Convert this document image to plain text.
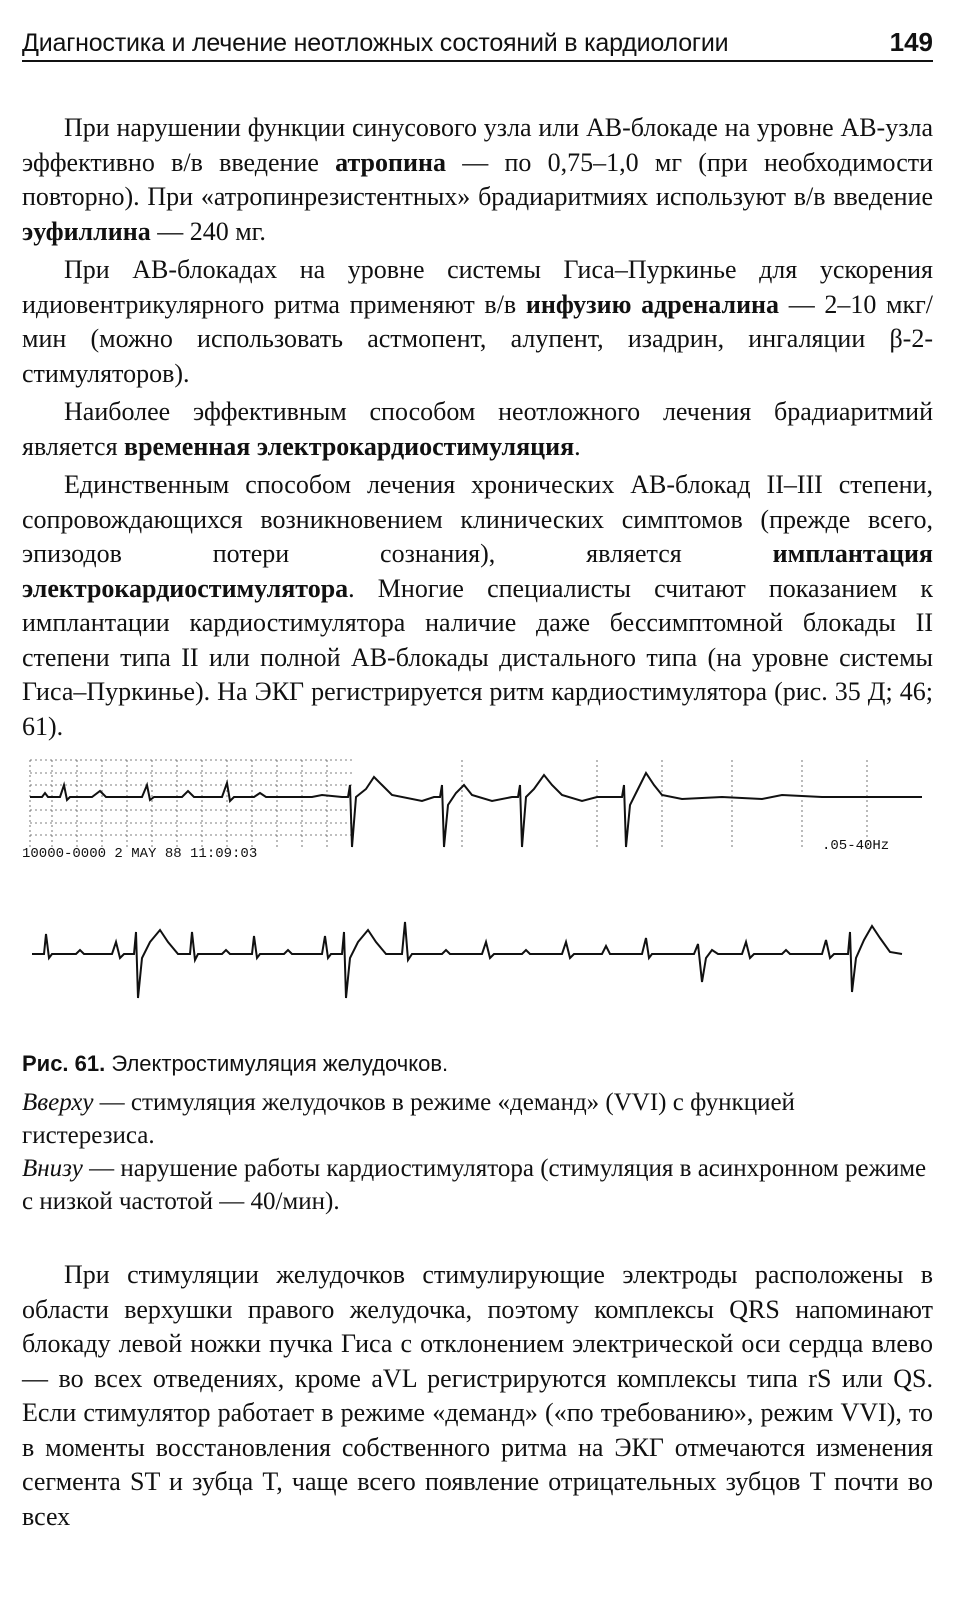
Диагностика и лечение неотложных состояний в кардиологии	149

При нарушении функции синусового узла или АВ-блокаде на уровне АВ-узла эффективно в/в введение атропина — по 0,75–1,0 мг (при необходимости повторно). При «атропинрезистентных» брадиаритмиях используют в/в введение эуфиллина — 240 мг.

При АВ-блокадах на уровне системы Гиса–Пуркинье для ускорения идиовентрикулярного ритма применяют в/в инфузию адреналина — 2–10 мкг/мин (можно использовать астмопент, алупент, изадрин, ингаляции β-2-стимуляторов).

Наиболее эффективным способом неотложного лечения брадиаритмий является временная электрокардиостимуляция.

Единственным способом лечения хронических АВ-блокад II–III степени, сопровождающихся возникновением клинических симптомов (прежде всего, эпизодов потери сознания), является имплантация электрокардиостимулятора. Многие специалисты считают показанием к имплантации кардиостимулятора наличие даже бессимптомной блокады II степени типа II или полной АВ-блокады дистального типа (на уровне системы Гиса–Пуркинье). На ЭКГ регистрируется ритм кардиостимулятора (рис. 35 Д; 46; 61).

10000-0000 2 MAY 88 11:09:03	.05-40Hz
Рис. 61. Электростимуляция желудочков.

Вверху — стимуляция желудочков в режиме «деманд» (VVI) с функцией гистерезиса.

Внизу — нарушение работы кардиостимулятора (стимуляция в асинхронном режиме с низкой частотой — 40/мин).

При стимуляции желудочков стимулирующие электроды расположены в области верхушки правого желудочка, поэтому комплексы QRS напоминают блокаду левой ножки пучка Гиса с отклонением электрической оси сердца влево — во всех отведениях, кроме aVL регистрируются комплексы типа rS или QS. Если стимулятор работает в режиме «деманд» («по требованию», режим VVI), то в моменты восстановления собственного ритма на ЭКГ отмечаются изменения сегмента ST и зубца T, чаще всего появление отрицательных зубцов T почти во всех
